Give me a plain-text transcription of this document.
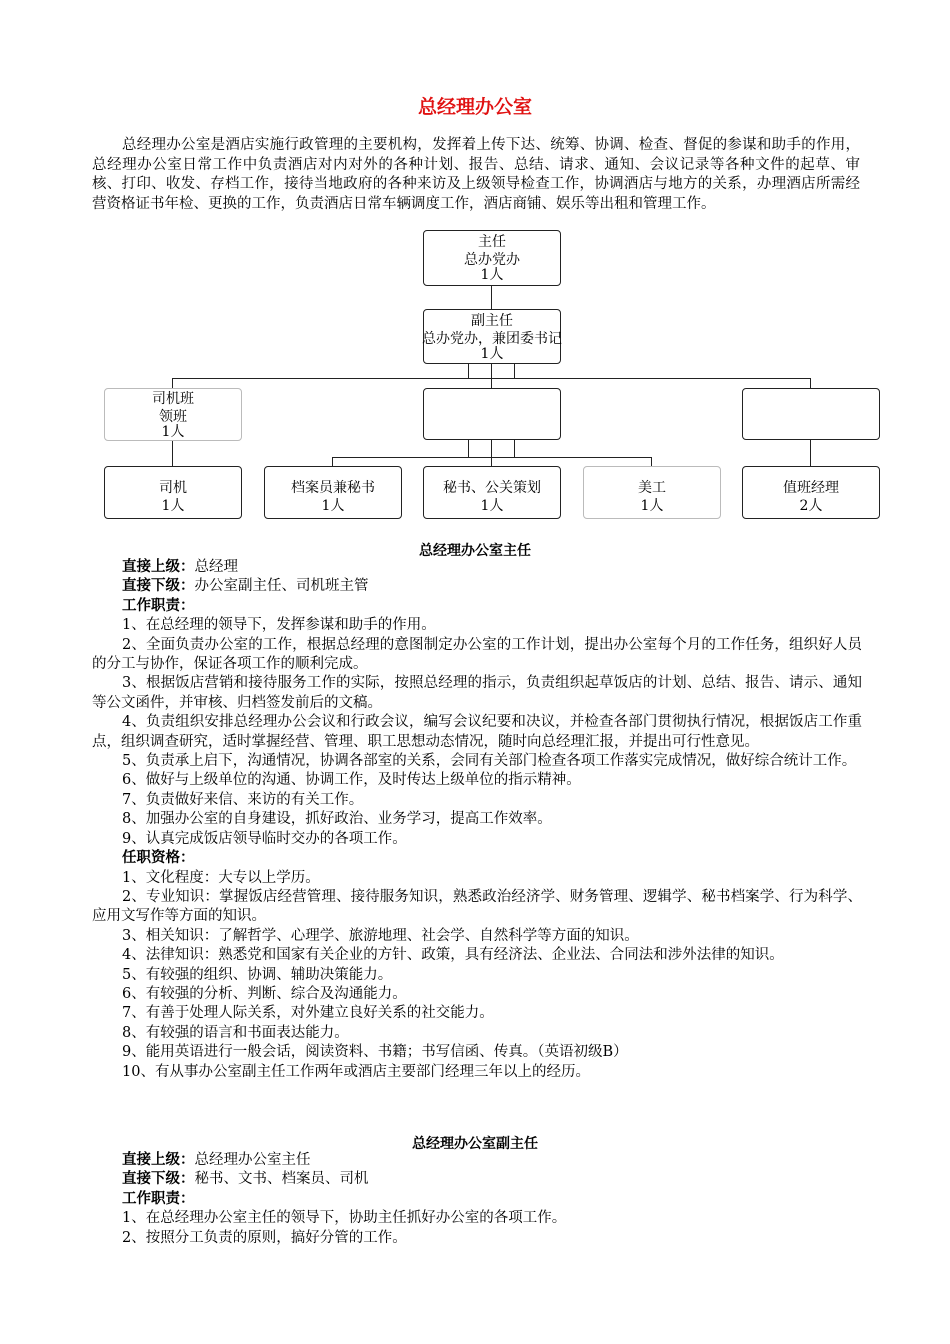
总经理办公室

总经理办公室是酒店实施行政管理的主要机构，发挥着上传下达、统筹、协调、检查、督促的参谋和助手的作用，总经理办公室日常工作中负责酒店对内对外的各种计划、报告、总结、请求、通知、会议记录等各种文件的起草、审核、打印、收发、存档工作，接待当地政府的各种来访及上级领导检查工作，协调酒店与地方的关系，办理酒店所需经营资格证书年检、更换的工作，负责酒店日常车辆调度工作，酒店商铺、娱乐等出租和管理工作。

主任
总办党办
1人
副主任
总办党办，兼团委书记
1人
司机班
领班
1人
司机
1人
档案员兼秘书
1人
秘书、公关策划
1人
美工
1人
值班经理
2人
总经理办公室主任

直接上级：总经理

直接下级：办公室副主任、司机班主管

工作职责：

1、在总经理的领导下，发挥参谋和助手的作用。

2、全面负责办公室的工作，根据总经理的意图制定办公室的工作计划，提出办公室每个月的工作任务，组织好人员的分工与协作，保证各项工作的顺利完成。

3、根据饭店营销和接待服务工作的实际，按照总经理的指示，负责组织起草饭店的计划、总结、报告、请示、通知等公文函件，并审核、归档签发前后的文稿。

4、负责组织安排总经理办公会议和行政会议，编写会议纪要和决议，并检查各部门贯彻执行情况，根据饭店工作重点，组织调查研究，适时掌握经营、管理、职工思想动态情况，随时向总经理汇报，并提出可行性意见。

5、负责承上启下，沟通情况，协调各部室的关系，会同有关部门检查各项工作落实完成情况，做好综合统计工作。

6、做好与上级单位的沟通、协调工作，及时传达上级单位的指示精神。

7、负责做好来信、来访的有关工作。

8、加强办公室的自身建设，抓好政治、业务学习，提高工作效率。

9、认真完成饭店领导临时交办的各项工作。

任职资格：

1、文化程度：大专以上学历。

2、专业知识：掌握饭店经营管理、接待服务知识，熟悉政治经济学、财务管理、逻辑学、秘书档案学、行为科学、应用文写作等方面的知识。

3、相关知识：了解哲学、心理学、旅游地理、社会学、自然科学等方面的知识。

4、法律知识：熟悉党和国家有关企业的方针、政策，具有经济法、企业法、合同法和涉外法律的知识。

5、有较强的组织、协调、辅助决策能力。

6、有较强的分析、判断、综合及沟通能力。

7、有善于处理人际关系，对外建立良好关系的社交能力。

8、有较强的语言和书面表达能力。

9、能用英语进行一般会话，阅读资料、书籍；书写信函、传真。（英语初级B）

10、有从事办公室副主任工作两年或酒店主要部门经理三年以上的经历。

总经理办公室副主任

直接上级：总经理办公室主任

直接下级：秘书、文书、档案员、司机

工作职责：

1、在总经理办公室主任的领导下，协助主任抓好办公室的各项工作。

2、按照分工负责的原则，搞好分管的工作。
